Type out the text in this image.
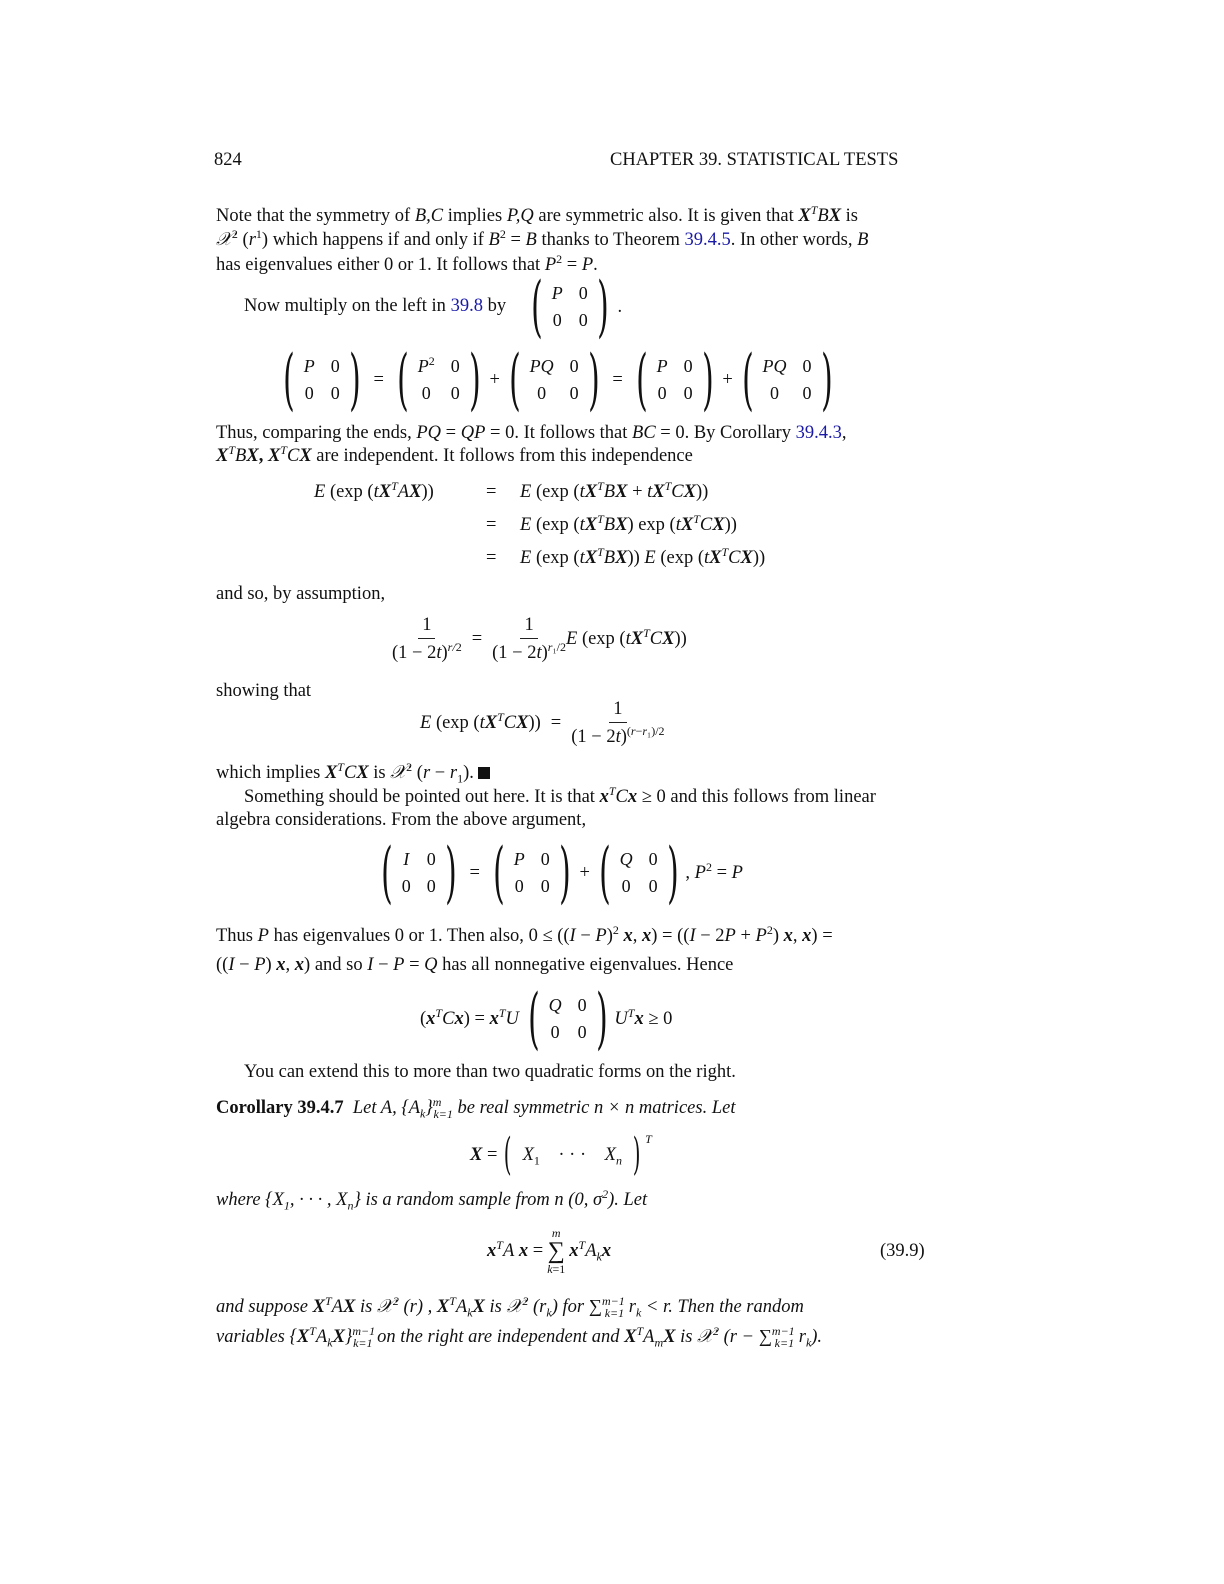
824	CHAPTER 39. STATISTICAL TESTS
Note that the symmetry of B,C implies P,Q are symmetric also. It is given that $X^TBX$ is
𝒳$^2$ $(r^1)$ which happens if and only if $B^2 = B$ thanks to Theorem 39.4.5. In other words, B
has eigenvalues either 0 or 1. It follows that $P^2 = P$.
Now multiply on the left in 39.8 by ( P 0
0 0 ) .
( P 0
0 0 ) = ( $P^2$ 0
0 0 ) + ( PQ 0
0	0 ) = ( P 0
0 0 ) + ( PQ 0
0	0 )
Thus, comparing the ends, PQ = QP = 0. It follows that BC = 0. By Corollary 39.4.3,
$X^TBX$, $X^TCX$ are independent. It follows from this independence
E (exp $(tX^TAX)$)	= E (exp $(tX^TBX + tX^TCX)$)
= E (exp $(tX^TBX)$ $\exp (tX^TCX)$)
= E (exp $(tX^TBX)$) E (exp $(tX^TCX)$)
and so, by assumption,
$\frac{1}{(1 - 2t)^{r/2}} = \frac{1}{(1 - 2t)^{r_1/2}}$ E (exp $(tX^TCX)$)
showing that
E (exp $(tX^TCX)) = \frac{1}{(1 - 2t)^{(r-r_1)/2}}$
which implies $X^TCX$ is 𝒳$^2$ $(r - r_1)$.
Something should be pointed out here. It is that $x^TCx \ge 0$ and this follows from linear
algebra considerations. From the above argument,
( I 0
0 0 ) = ( P 0
0 0 ) + ( Q 0
0 0 ) , $P^2 = P$
Thus P has eigenvalues 0 or 1. Then also, $0 \le ((I - P)^2$ x, $x) = ((I - 2P + P^2)$ x, x) =
((I − P) x, x) and so I − P = Q has all nonnegative eigenvalues. Hence
$(x^TCx) = x^TU$ ( Q 0
0 0 ) $U^Tx \ge 0$
You can extend this to more than two quadratic forms on the right.
Corollary 39.4.7 Let A, $\{A_k\}^m_{k=1}$ be real symmetric n × n matrices. Let
X = ( $X_1$    · · ·    $X_n$ ) T
where {$X_1$, · · · , $X_n$} is a random sample from n (0, $\sigma^2$). Let
$x^TA$ x =
m
∑
k=1
$x^TA_kx$	(39.9)
and suppose $X^TAX$ is 𝒳$^2$ (r) , $X^TA_kX$ is 𝒳$^2$ $(r_k)$ for ∑$^{m-1}_{k=1}$ $r_k < r$. Then the random
variables $\{X^TA_kX\}^{m-1}_{k=1}$ on the right are independent and $X^TA_mX$ is 𝒳$^2$ (r − ∑$^{m-1}_{k=1}$ $r_k$).
